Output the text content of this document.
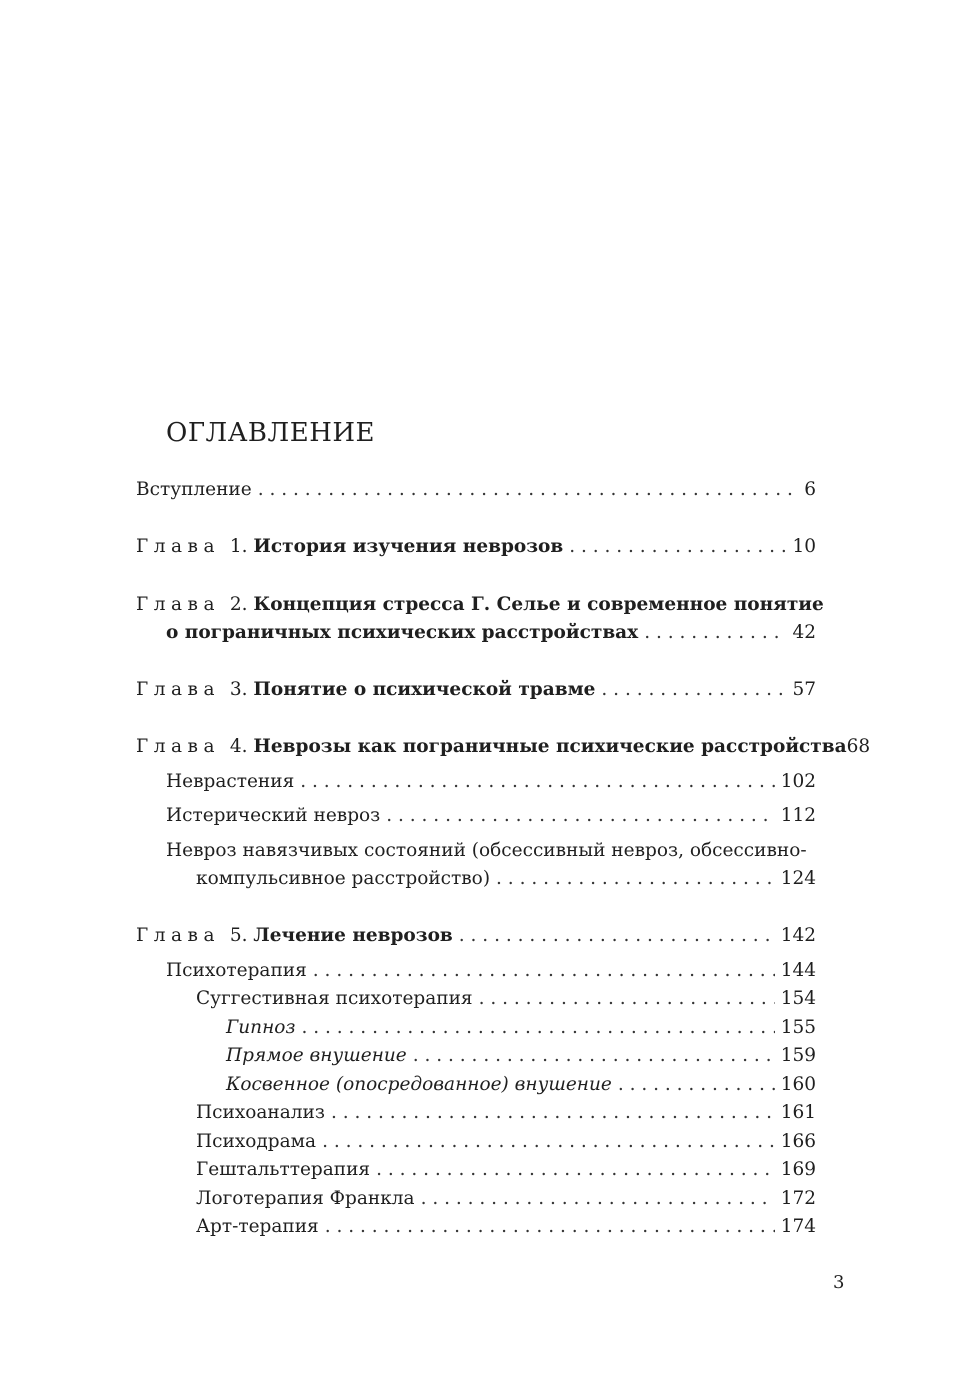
ОГЛАВЛЕНИЕ
Вступление . . .	6
Глава 1. История изучения неврозов . . .	10
Глава 2. Концепция стресса Г. Селье и современное понятие
о пограничных психических расстройствах . . .	42
Глава 3. Понятие о психической травме . . .	57
Глава 4. Неврозы как пограничные психические расстройства 68
Неврастения . . .	102
Истерический невроз . . .	112
Невроз навязчивых состояний (обсессивный невроз, обсессивно-
компульсивное расстройство) . . .	124
Глава 5. Лечение неврозов . . .	142
Психотерапия . . .	144
Суггестивная психотерапия . . .	154
Гипноз . . .	155
Прямое внушение . . .	159
Косвенное (опосредованное) внушение . . .	160
Психоанализ . . .	161
Психодрама . . .	166
Гештальттерапия . . .	169
Логотерапия Франкла . . .	172
Арт-терапия . . .	174
3
